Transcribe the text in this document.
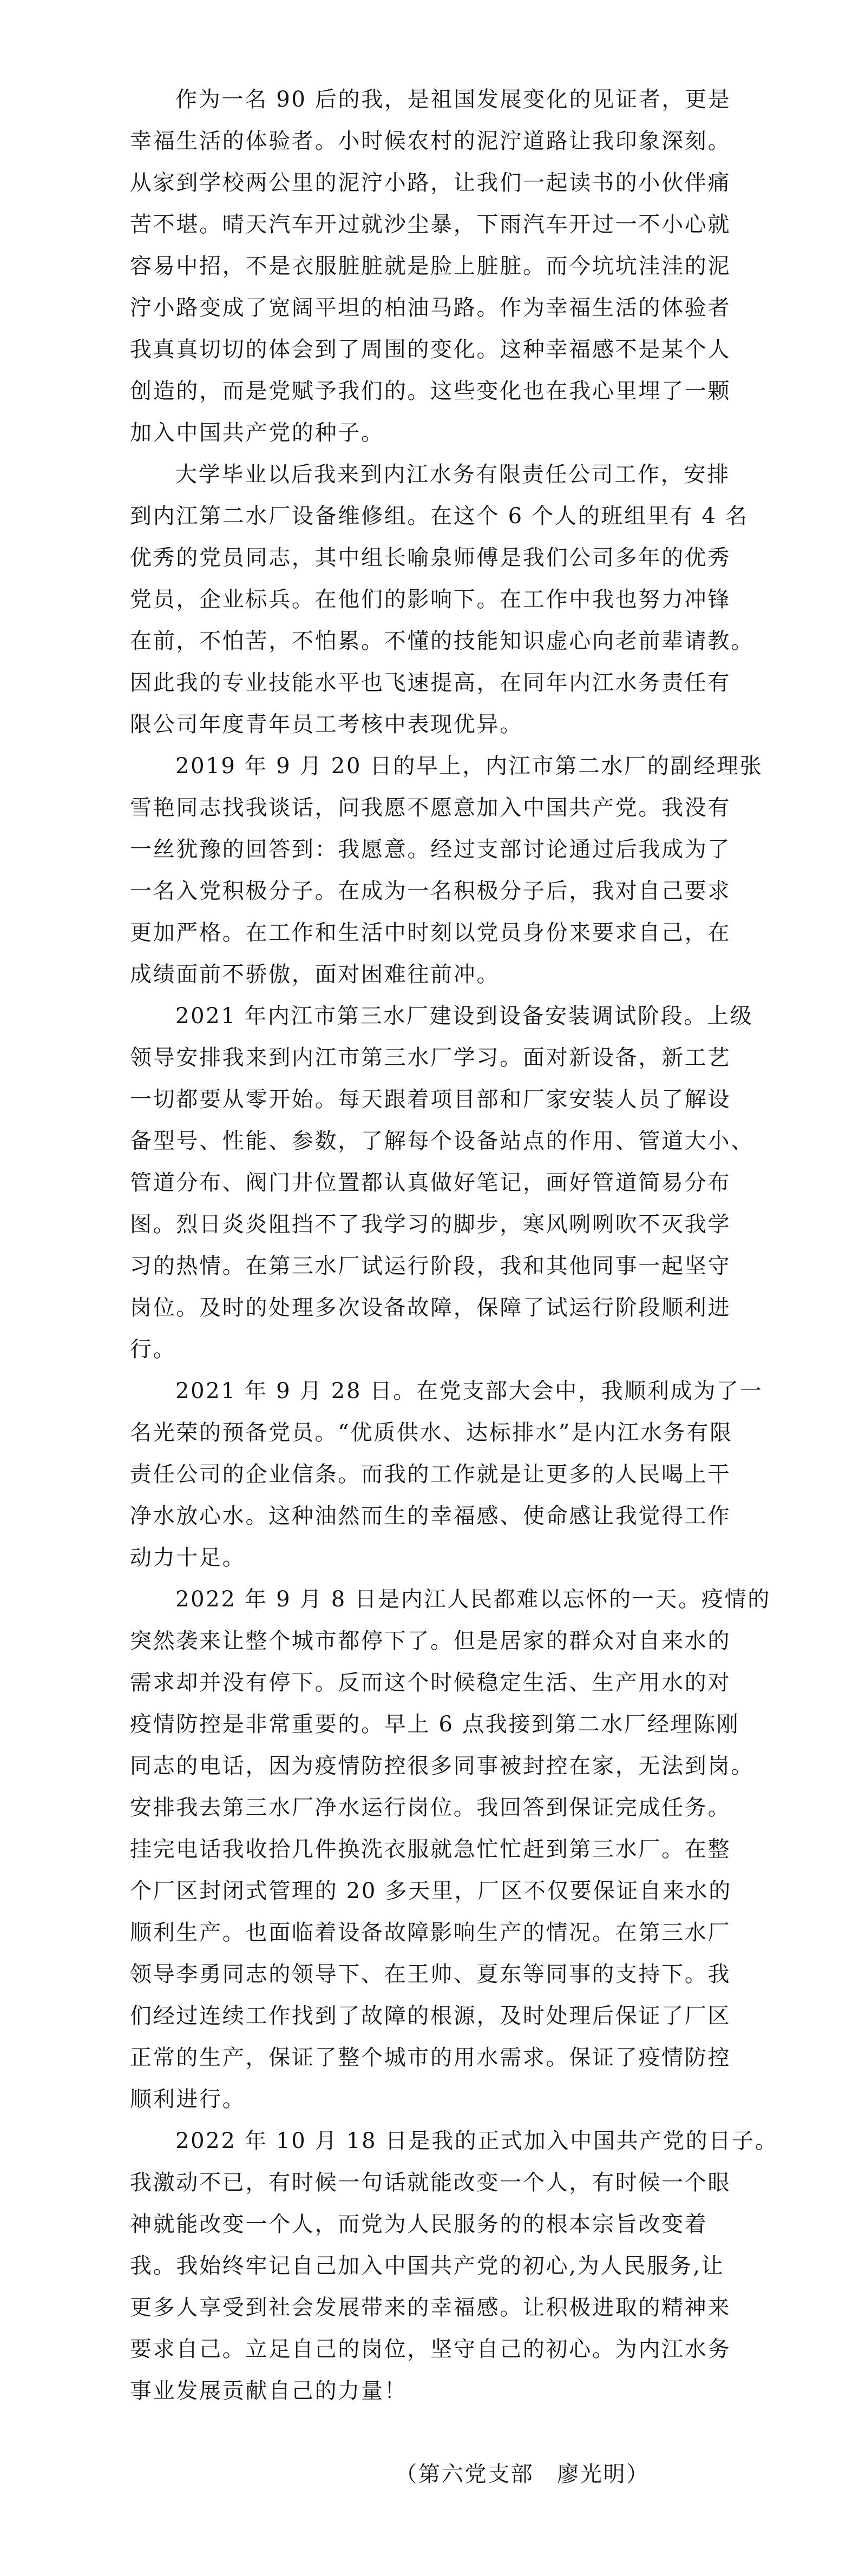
作为一名 90 后的我，是祖国发展变化的见证者，更是
幸福生活的体验者。小时候农村的泥泞道路让我印象深刻。
从家到学校两公里的泥泞小路，让我们一起读书的小伙伴痛
苦不堪。晴天汽车开过就沙尘暴，下雨汽车开过一不小心就
容易中招，不是衣服脏脏就是脸上脏脏。而今坑坑洼洼的泥
泞小路变成了宽阔平坦的柏油马路。作为幸福生活的体验者
我真真切切的体会到了周围的变化。这种幸福感不是某个人
创造的，而是党赋予我们的。这些变化也在我心里埋了一颗
加入中国共产党的种子。
大学毕业以后我来到内江水务有限责任公司工作，安排
到内江第二水厂设备维修组。在这个 6 个人的班组里有 4 名
优秀的党员同志，其中组长喻泉师傅是我们公司多年的优秀
党员，企业标兵。在他们的影响下。在工作中我也努力冲锋
在前，不怕苦，不怕累。不懂的技能知识虚心向老前辈请教。
因此我的专业技能水平也飞速提高，在同年内江水务责任有
限公司年度青年员工考核中表现优异。
2019 年 9 月 20 日的早上，内江市第二水厂的副经理张
雪艳同志找我谈话，问我愿不愿意加入中国共产党。我没有
一丝犹豫的回答到：我愿意。经过支部讨论通过后我成为了
一名入党积极分子。在成为一名积极分子后，我对自己要求
更加严格。在工作和生活中时刻以党员身份来要求自己，在
成绩面前不骄傲，面对困难往前冲。
2021 年内江市第三水厂建设到设备安装调试阶段。上级
领导安排我来到内江市第三水厂学习。面对新设备，新工艺
一切都要从零开始。每天跟着项目部和厂家安装人员了解设
备型号、性能、参数，了解每个设备站点的作用、管道大小、
管道分布、阀门井位置都认真做好笔记，画好管道简易分布
图。烈日炎炎阻挡不了我学习的脚步，寒风咧咧吹不灭我学
习的热情。在第三水厂试运行阶段，我和其他同事一起坚守
岗位。及时的处理多次设备故障，保障了试运行阶段顺利进
行。
2021 年 9 月 28 日。在党支部大会中，我顺利成为了一
名光荣的预备党员。“优质供水、达标排水”是内江水务有限
责任公司的企业信条。而我的工作就是让更多的人民喝上干
净水放心水。这种油然而生的幸福感、使命感让我觉得工作
动力十足。
2022 年 9 月 8 日是内江人民都难以忘怀的一天。疫情的
突然袭来让整个城市都停下了。但是居家的群众对自来水的
需求却并没有停下。反而这个时候稳定生活、生产用水的对
疫情防控是非常重要的。早上 6 点我接到第二水厂经理陈刚
同志的电话，因为疫情防控很多同事被封控在家，无法到岗。
安排我去第三水厂净水运行岗位。我回答到保证完成任务。
挂完电话我收拾几件换洗衣服就急忙忙赶到第三水厂。在整
个厂区封闭式管理的 20 多天里，厂区不仅要保证自来水的
顺利生产。也面临着设备故障影响生产的情况。在第三水厂
领导李勇同志的领导下、在王帅、夏东等同事的支持下。我
们经过连续工作找到了故障的根源，及时处理后保证了厂区
正常的生产，保证了整个城市的用水需求。保证了疫情防控
顺利进行。
2022 年 10 月 18 日是我的正式加入中国共产党的日子。
我激动不已，有时候一句话就能改变一个人，有时候一个眼
神就能改变一个人，而党为人民服务的的根本宗旨改变着
我。我始终牢记自己加入中国共产党的初心,为人民服务,让
更多人享受到社会发展带来的幸福感。让积极进取的精神来
要求自己。立足自己的岗位，坚守自己的初心。为内江水务
事业发展贡献自己的力量！
（第六党支部　廖光明）
